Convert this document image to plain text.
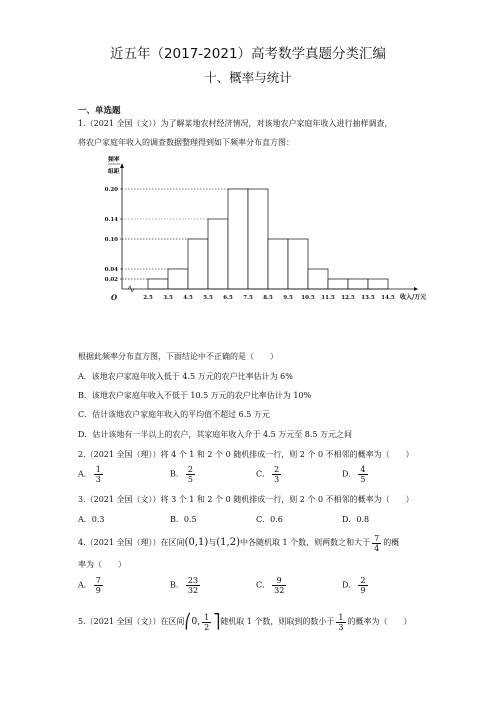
近五年（2017-2021）高考数学真题分类汇编
十、概率与统计
一、单选题
1.（2021 全国（文））为了解某地农村经济情况，对该地农户家庭年收入进行抽样调查，
将农户家庭年收入的调查数据整理得到如下频率分布直方图：
0.02
0.04
0.10
0.14
0.20
2.5 3.5 4.5 5.5 6.5 7.5 8.5 9.5 10.5 11.5 12.5 13.5 14.5
频率
组距
收入/万元
O
根据此频率分布直方图，下面结论中不正确的是（　　）
A．该地农户家庭年收入低于 4.5 万元的农户比率估计为 6%
B．该地农户家庭年收入不低于 10.5 万元的农户比率估计为 10%
C．估计该地农户家庭年收入的平均值不超过 6.5 万元
D．估计该地有一半以上的农户，其家庭年收入介于 4.5 万元至 8.5 万元之间
2.（2021 全国（理））将 4 个 1 和 2 个 0 随机排成一行，则 2 个 0 不相邻的概率为（　　）
A． $\frac{1}{3}$	B． $\frac{2}{5}$	C． $\frac{2}{3}$	D． $\frac{4}{5}$
3.（2021 全国（文））将 3 个 1 和 2 个 0 随机排成一行，则 2 个 0 不相邻的概率为（　　）
A．0.3	B．0.5	C．0.6	D．0.8
4.（2021 全国（理））在区间(0,1)与(1,2)中各随机取 1 个数，则两数之和大于 $\frac{7}{4}$ 的概
率为（　　）
A． $\frac{7}{9}$	B． $\frac{23}{32}$	C． $\frac{9}{32}$	D． $\frac{2}{9}$
5.（2021 全国（文））在区间⎛0, $\frac{1}{2}$ ⎤随机取 1 个数，则取到的数小于 $\frac{1}{3}$ 的概率为（　　）
